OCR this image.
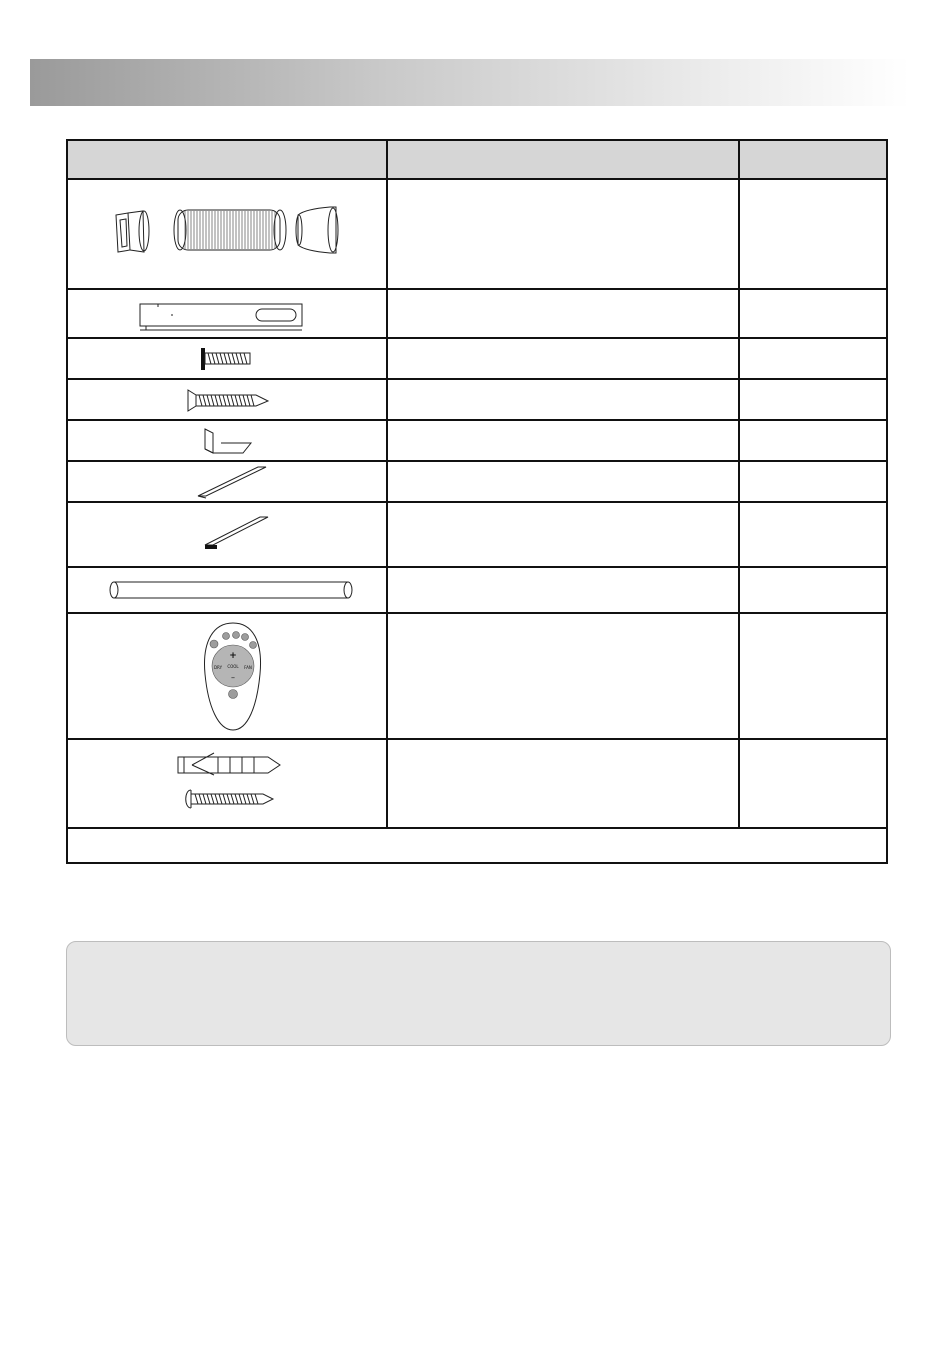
+
DRY COOL FAN
–
